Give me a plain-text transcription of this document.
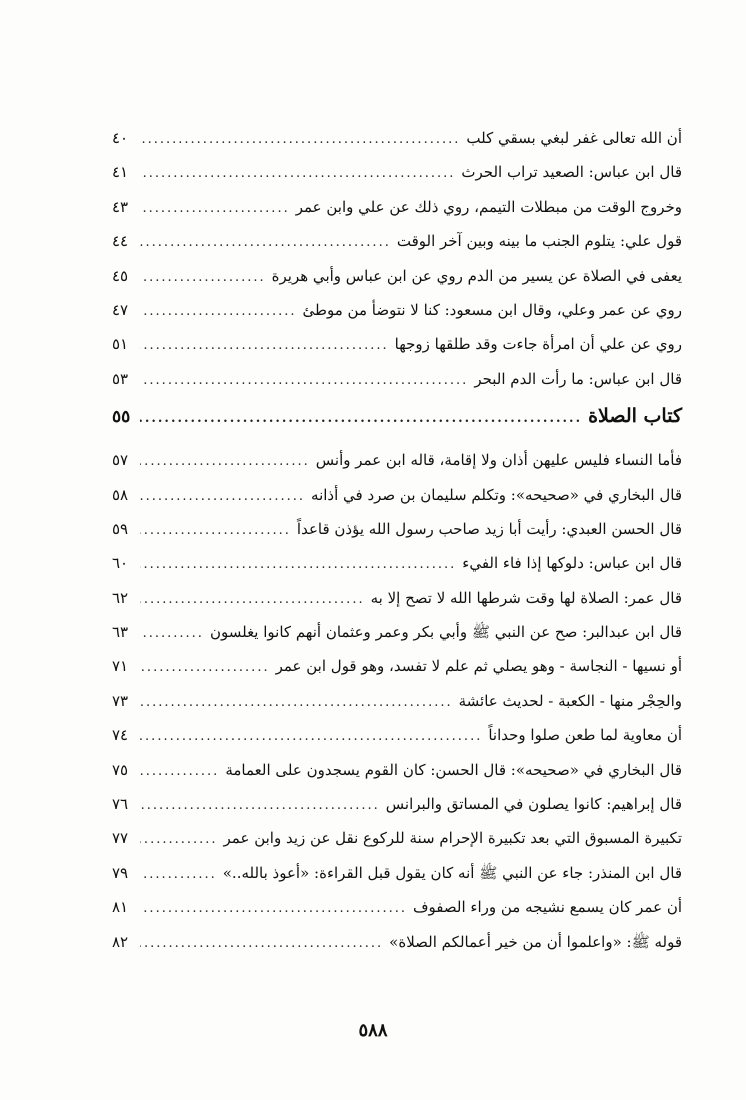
أن الله تعالى غفر لبغي بسقي كلب
.....
٤٠
قال ابن عباس: الصعيد تراب الحرث
.....
٤١
وخروج الوقت من مبطلات التيمم، روي ذلك عن علي وابن عمر
.....
٤٣
قول علي: يتلوم الجنب ما بينه وبين آخر الوقت
.....
٤٤
يعفى في الصلاة عن يسير من الدم روي عن ابن عباس وأبي هريرة
.....
٤٥
روي عن عمر وعلي، وقال ابن مسعود: كنا لا نتوضأ من موطئ
.....
٤٧
روي عن علي أن امرأة جاءت وقد طلقها زوجها
.....
٥١
قال ابن عباس: ما رأت الدم البحر
.....
٥٣
كتاب الصلاة
.....
٥٥
فأما النساء فليس عليهن أذان ولا إقامة، قاله ابن عمر وأنس
.....
٥٧
قال البخاري في «صحيحه»: وتكلم سليمان بن صرد في أذانه
.....
٥٨
قال الحسن العبدي: رأيت أبا زيد صاحب رسول الله يؤذن قاعداً
.....
٥٩
قال ابن عباس: دلوكها إذا فاء الفيء
.....
٦٠
قال عمر: الصلاة لها وقت شرطها الله لا تصح إلا به
.....
٦٢
قال ابن عبدالبر: صح عن النبي ﷺ وأبي بكر وعمر وعثمان أنهم كانوا يغلسون
.....
٦٣
أو نسيها - النجاسة - وهو يصلي ثم علم لا تفسد، وهو قول ابن عمر
.....
٧١
والحِجْر منها - الكعبة - لحديث عائشة
.....
٧٣
أن معاوية لما طعن صلوا وحداناً
.....
٧٤
قال البخاري في «صحيحه»: قال الحسن: كان القوم يسجدون على العمامة
.....
٧٥
قال إبراهيم: كانوا يصلون في المساتق والبرانس
.....
٧٦
تكبيرة المسبوق التي بعد تكبيرة الإحرام سنة للركوع نقل عن زيد وابن عمر
.....
٧٧
قال ابن المنذر: جاء عن النبي ﷺ أنه كان يقول قبل القراءة: «أعوذ بالله..»
.....
٧٩
أن عمر كان يسمع نشيجه من وراء الصفوف
.....
٨١
قوله ﷺ: «واعلموا أن من خير أعمالكم الصلاة»
.....
٨٢
٥٨٨
